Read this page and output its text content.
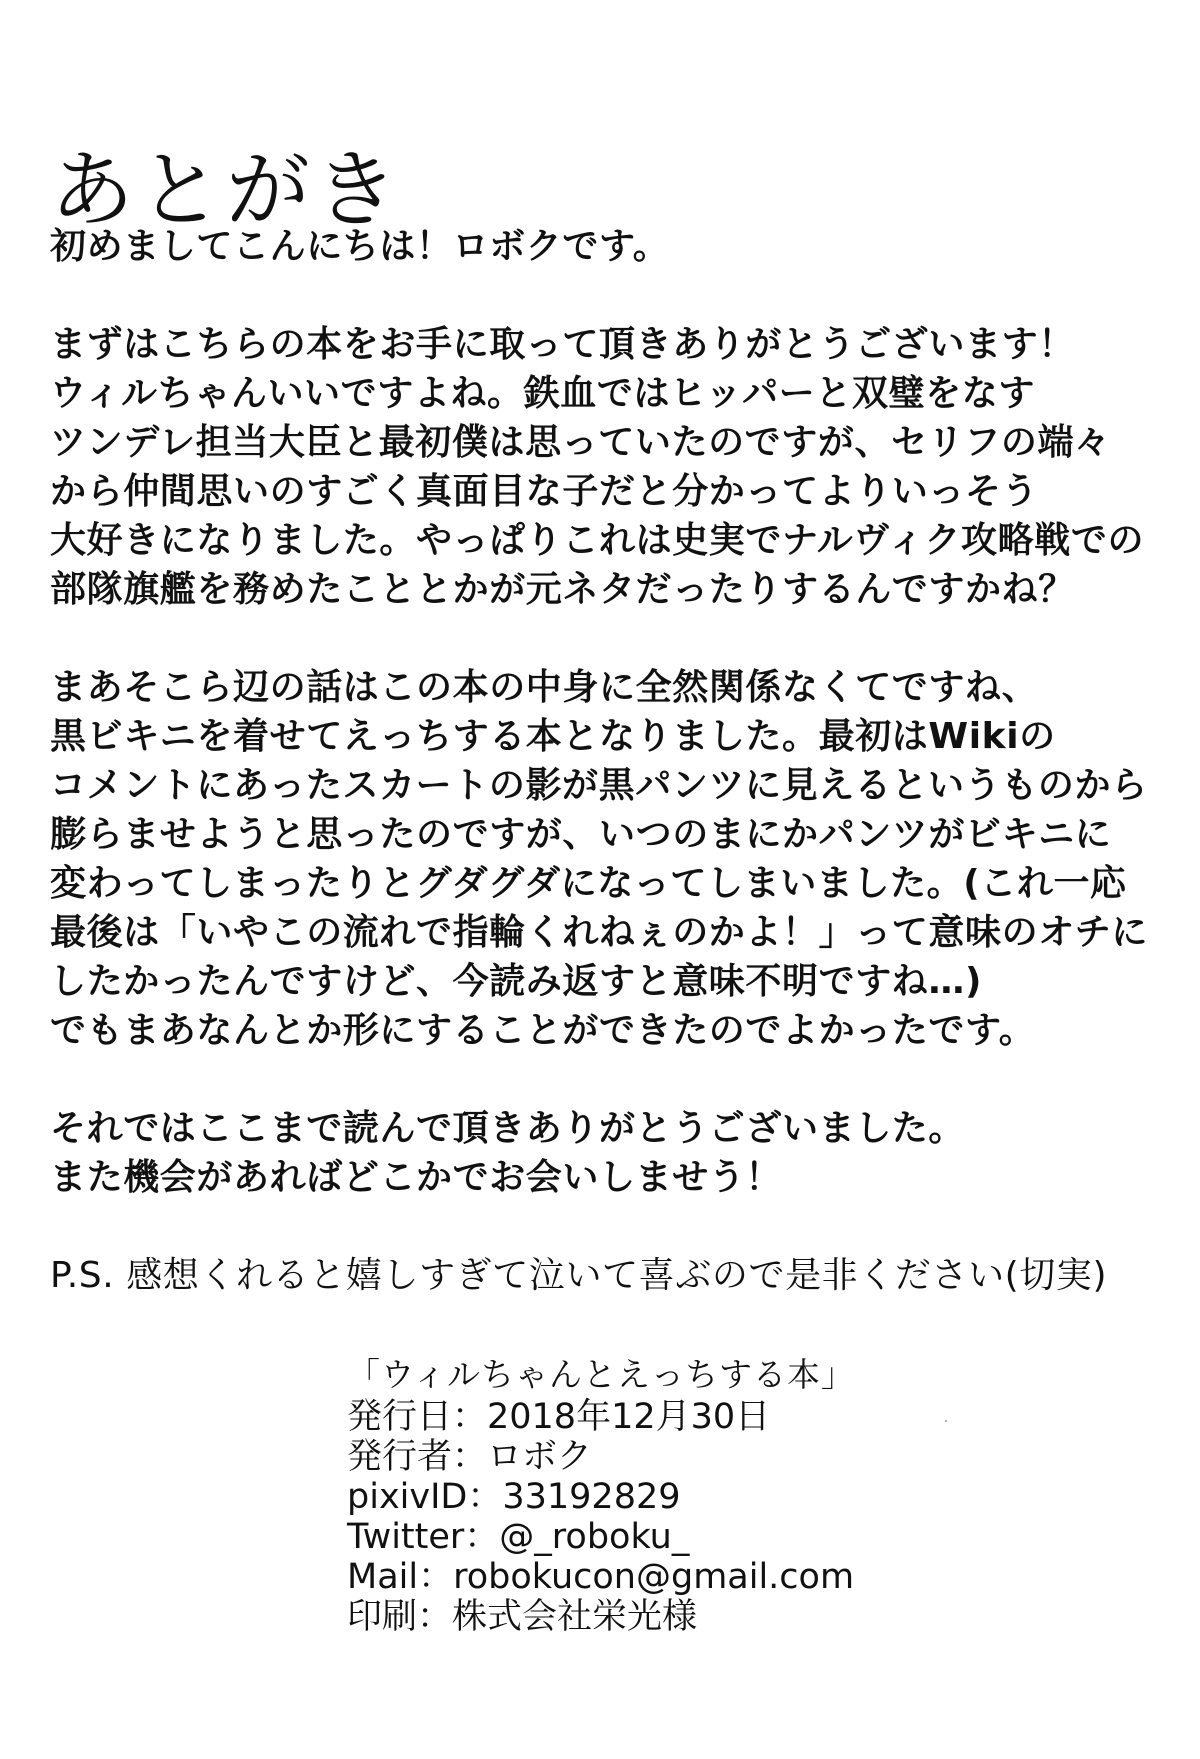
あとがき
初めましてこんにちは！ロボクです。
まずはこちらの本をお手に取って頂きありがとうございます！
ウィルちゃんいいですよね。鉄血ではヒッパーと双璧をなす
ツンデレ担当大臣と最初僕は思っていたのですが、セリフの端々
から仲間思いのすごく真面目な子だと分かってよりいっそう
大好きになりました。やっぱりこれは史実でナルヴィク攻略戦での
部隊旗艦を務めたこととかが元ネタだったりするんですかね？
まあそこら辺の話はこの本の中身に全然関係なくてですね、
黒ビキニを着せてえっちする本となりました。最初はWikiの
コメントにあったスカートの影が黒パンツに見えるというものから
膨らませようと思ったのですが、いつのまにかパンツがビキニに
変わってしまったりとグダグダになってしまいました。(これ一応
最後は「いやこの流れで指輪くれねぇのかよ！」って意味のオチに
したかったんですけど、今読み返すと意味不明ですね…)
でもまあなんとか形にすることができたのでよかったです。
それではここまで読んで頂きありがとうございました。
また機会があればどこかでお会いしませう！
P.S. 感想くれると嬉しすぎて泣いて喜ぶので是非ください(切実)
「ウィルちゃんとえっちする本」
発行日：2018年12月30日
発行者：ロボク
pixivID：33192829
Twitter：@_roboku_
Mail：robokucon@gmail.com
印刷：株式会社栄光様
